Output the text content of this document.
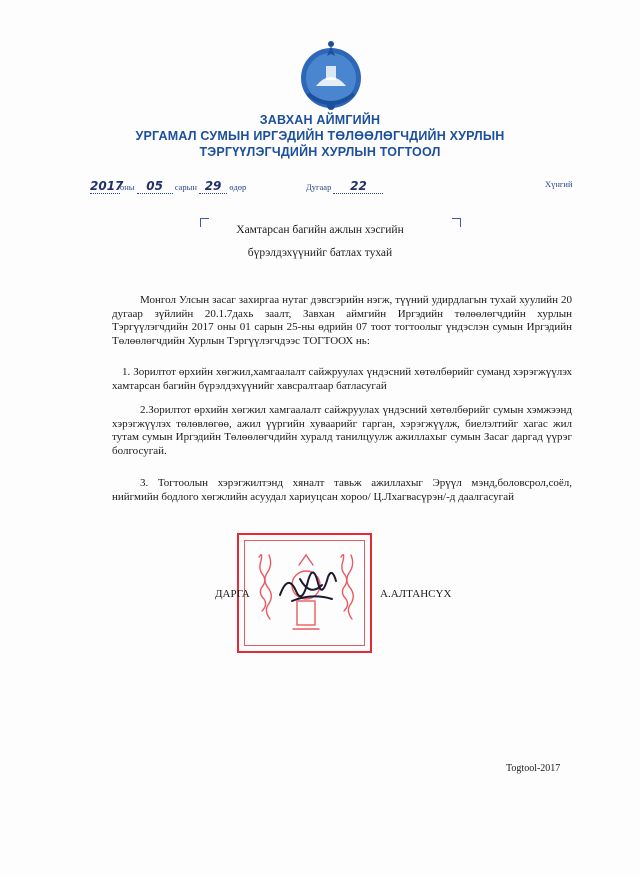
ЗАВХАН АЙМГИЙН
УРГАМАЛ СУМЫН ИРГЭДИЙН ТӨЛӨӨЛӨГЧДИЙН ХУРЛЫН
ТЭРГҮҮЛЭГЧДИЙН ХУРЛЫН ТОГТООЛ
2017оны 05 сарын 29 өдөр	Дугаар 22	Хүнгий
Хамтарсан багийн ажлын хэсгийн
бүрэлдэхүүнийг батлах тухай

Монгол Улсын засаг захиргаа нутаг дэвсгэрийн нэгж, түүний удирдлагын тухай хуулийн 20 дугаар зүйлийн 20.1.7дахь заалт, Завхан аймгийн Иргэдийн төлөөлөгчдийн хурлын Тэргүүлэгчдийн 2017 оны 01 сарын 25-ны өдрийн 07 тоот тогтоолыг үндэслэн сумын Иргэдийн Төлөөлөгчдийн Хурлын Тэргүүлэгчдээс ТОГТООХ нь:

1. Зорилтот өрхийн хөгжил,хамгаалалт сайжруулах үндэсний хөтөлбөрийг суманд хэрэгжүүлэх хамтарсан багийн бүрэлдэхүүнийг хавсралтаар батласугай

2.Зорилтот өрхийн хөгжил хамгаалалт сайжруулах үндэсний хөтөлбөрийг сумын хэмжээнд хэрэгжүүлэх төлөвлөгөө, ажил үүргийн хуваарийг гарган, хэрэгжүүлж, биелэлтийг хагас жил тутам сумын Иргэдийн Төлөөлөгчдийн хуралд танилцуулж ажиллахыг сумын Засаг даргад үүрэг болгосугай.

3. Тогтоолын хэрэгжилтэнд хяналт тавьж ажиллахыг Эрүүл мэнд,боловсрол,соёл, нийгмийн бодлого хөгжлийн асуудал хариуцсан хороо/ Ц.Лхагвасүрэн/-д даалгасугай

ДАРГА	А.АЛТАНСҮХ
Togtool-2017
